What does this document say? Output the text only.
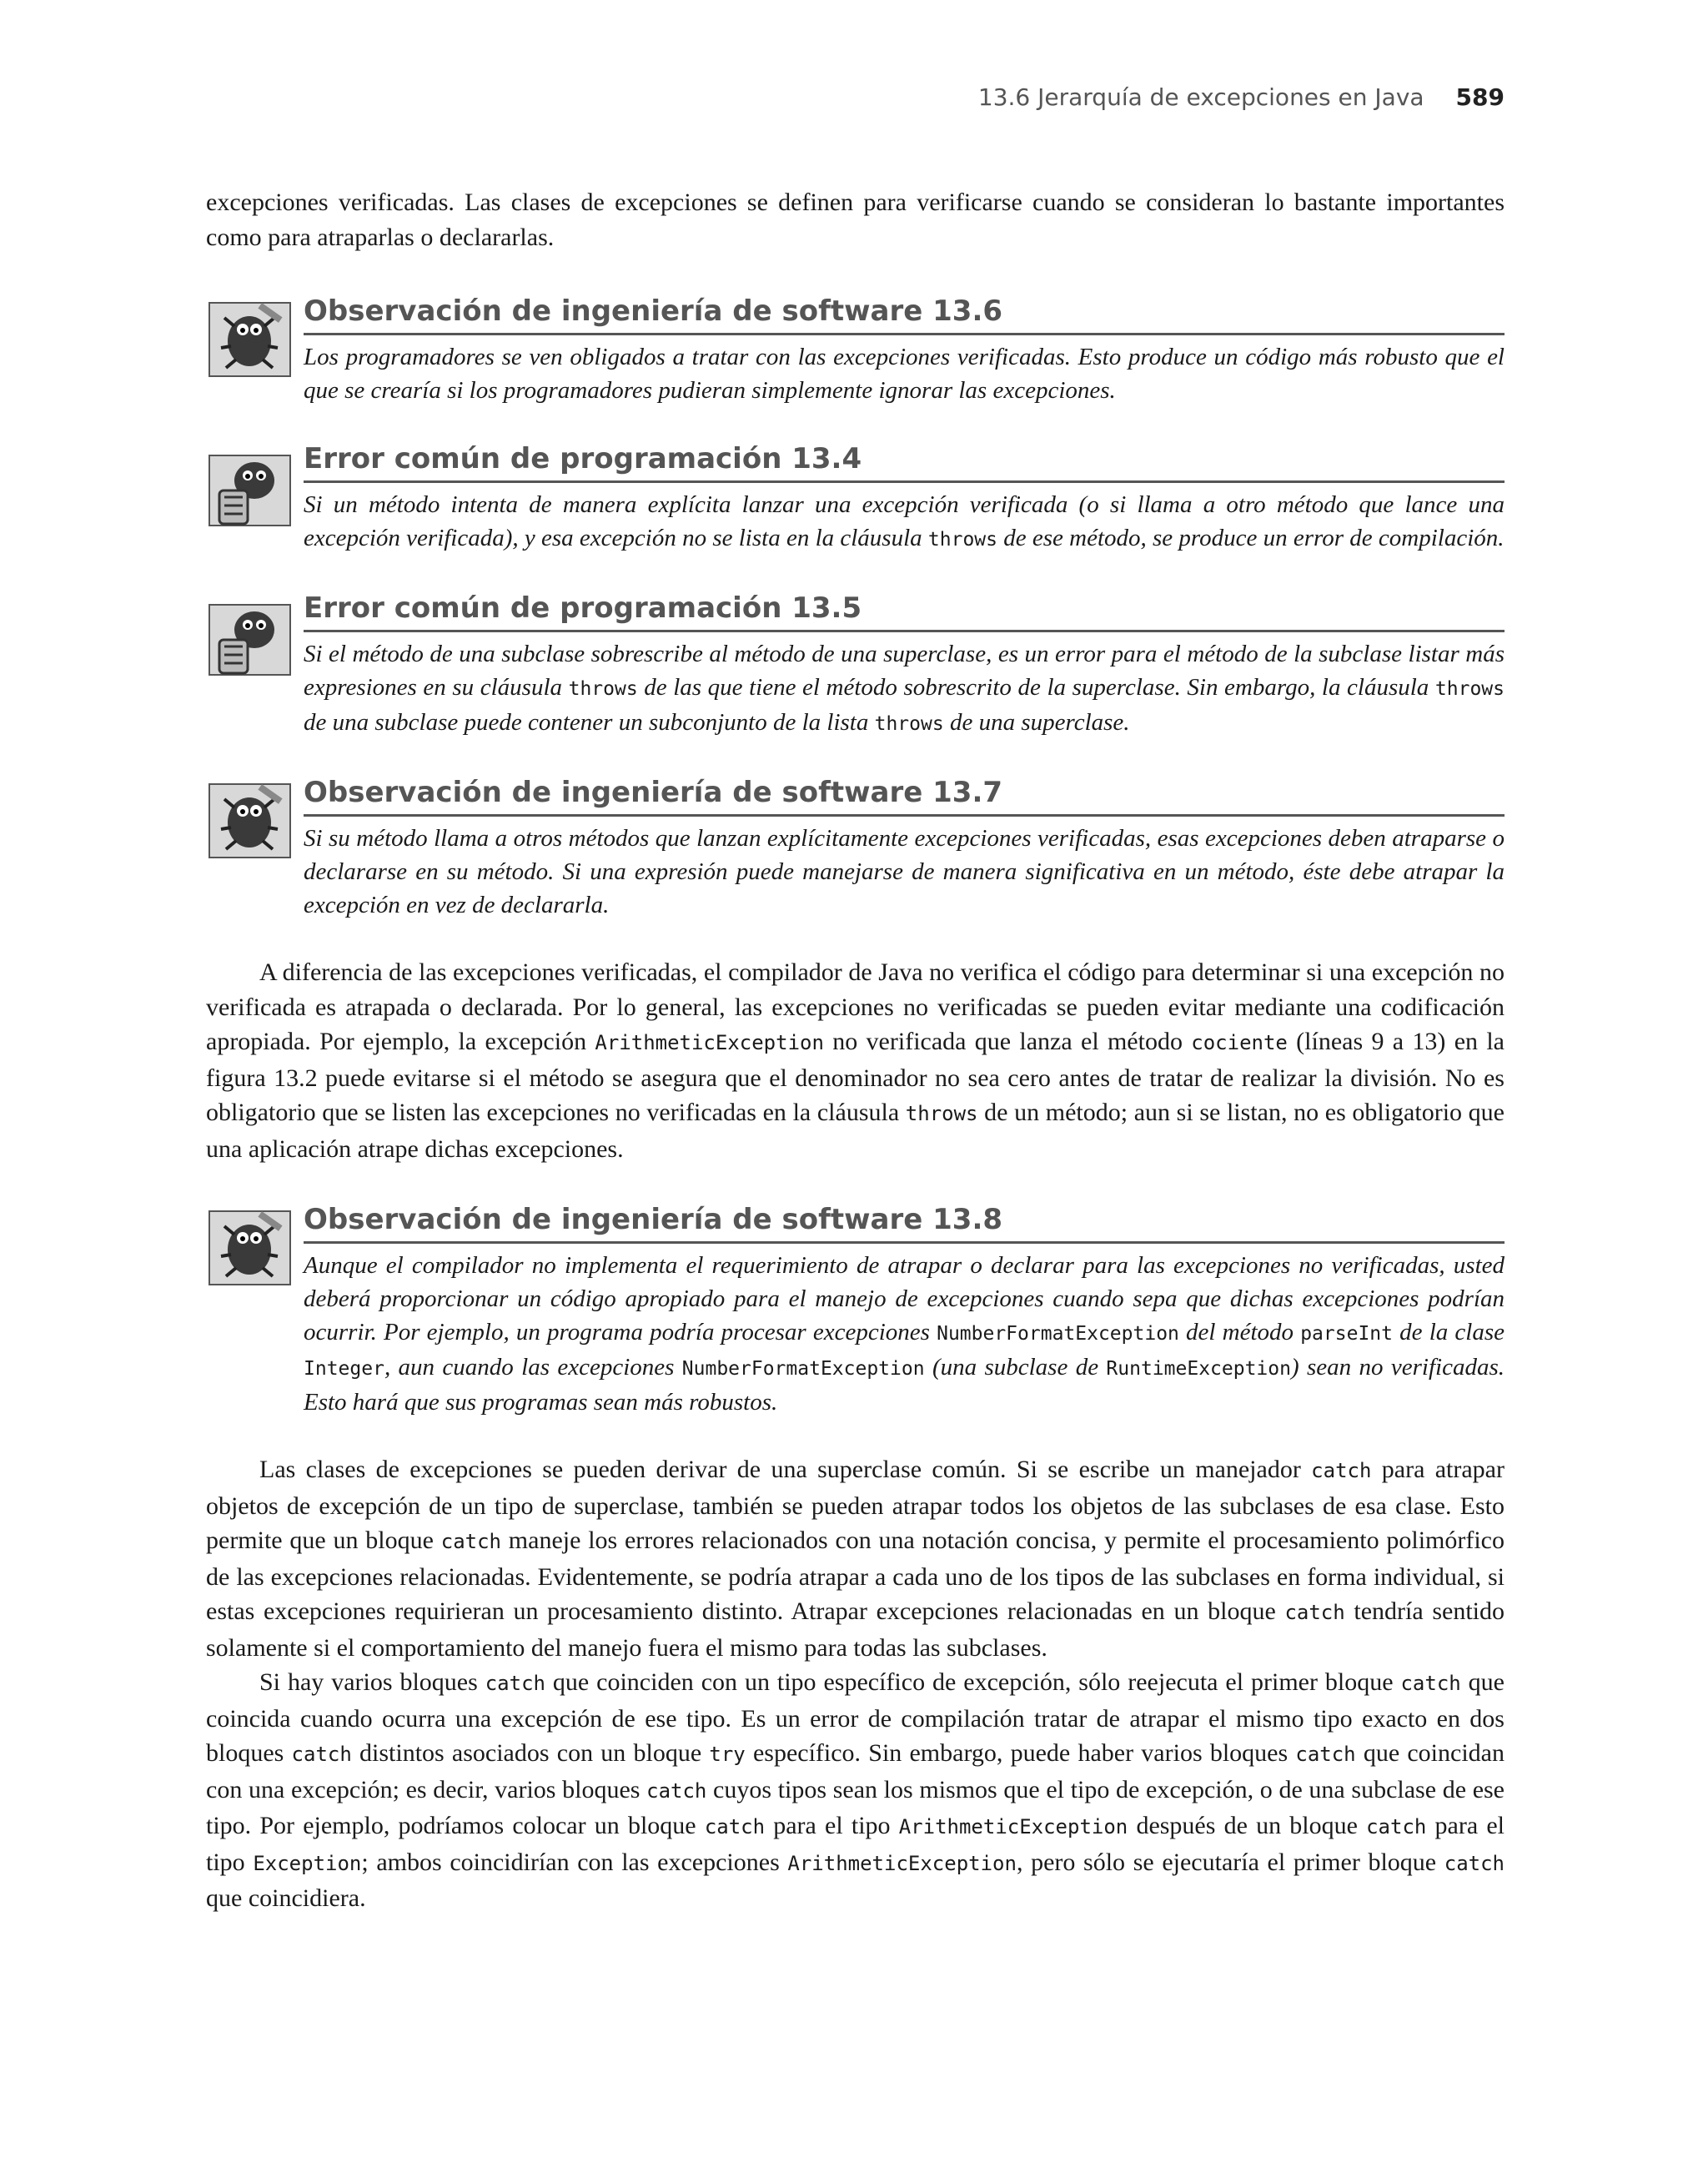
13.6 Jerarquía de excepciones en Java 589

excepciones verificadas. Las clases de excepciones se definen para verificarse cuando se consideran lo bastante importantes como para atraparlas o declararlas.

Observación de ingeniería de software 13.6

Los programadores se ven obligados a tratar con las excepciones verificadas. Esto produce un código más robusto que el que se crearía si los programadores pudieran simplemente ignorar las excepciones.

Error común de programación 13.4

Si un método intenta de manera explícita lanzar una excepción verificada (o si llama a otro método que lance una excepción verificada), y esa excepción no se lista en la cláusula throws de ese método, se produce un error de compilación.

Error común de programación 13.5

Si el método de una subclase sobrescribe al método de una superclase, es un error para el método de la subclase listar más expresiones en su cláusula throws de las que tiene el método sobrescrito de la superclase. Sin embargo, la cláusula throws de una subclase puede contener un subconjunto de la lista throws de una superclase.

Observación de ingeniería de software 13.7

Si su método llama a otros métodos que lanzan explícitamente excepciones verificadas, esas excepciones deben atraparse o declararse en su método. Si una expresión puede manejarse de manera significativa en un método, éste debe atrapar la excepción en vez de declararla.

A diferencia de las excepciones verificadas, el compilador de Java no verifica el código para determinar si una excepción no verificada es atrapada o declarada. Por lo general, las excepciones no verificadas se pueden evitar mediante una codificación apropiada. Por ejemplo, la excepción ArithmeticException no verificada que lanza el método cociente (líneas 9 a 13) en la figura 13.2 puede evitarse si el método se asegura que el denominador no sea cero antes de tratar de realizar la división. No es obligatorio que se listen las excepciones no verificadas en la cláusula throws de un método; aun si se listan, no es obligatorio que una aplicación atrape dichas excepciones.

Observación de ingeniería de software 13.8

Aunque el compilador no implementa el requerimiento de atrapar o declarar para las excepciones no verificadas, usted deberá proporcionar un código apropiado para el manejo de excepciones cuando sepa que dichas excepciones podrían ocurrir. Por ejemplo, un programa podría procesar excepciones NumberFormatException del método parseInt de la clase Integer, aun cuando las excepciones NumberFormatException (una subclase de RuntimeException) sean no verificadas. Esto hará que sus programas sean más robustos.

Las clases de excepciones se pueden derivar de una superclase común. Si se escribe un manejador catch para atrapar objetos de excepción de un tipo de superclase, también se pueden atrapar todos los objetos de las subclases de esa clase. Esto permite que un bloque catch maneje los errores relacionados con una notación concisa, y permite el procesamiento polimórfico de las excepciones relacionadas. Evidentemente, se podría atrapar a cada uno de los tipos de las subclases en forma individual, si estas excepciones requirieran un procesamiento distinto. Atrapar excepciones relacionadas en un bloque catch tendría sentido solamente si el comportamiento del manejo fuera el mismo para todas las subclases.

Si hay varios bloques catch que coinciden con un tipo específico de excepción, sólo reejecuta el primer bloque catch que coincida cuando ocurra una excepción de ese tipo. Es un error de compilación tratar de atrapar el mismo tipo exacto en dos bloques catch distintos asociados con un bloque try específico. Sin embargo, puede haber varios bloques catch que coincidan con una excepción; es decir, varios bloques catch cuyos tipos sean los mismos que el tipo de excepción, o de una subclase de ese tipo. Por ejemplo, podríamos colocar un bloque catch para el tipo ArithmeticException después de un bloque catch para el tipo Exception; ambos coincidirían con las excepciones ArithmeticException, pero sólo se ejecutaría el primer bloque catch que coincidiera.
